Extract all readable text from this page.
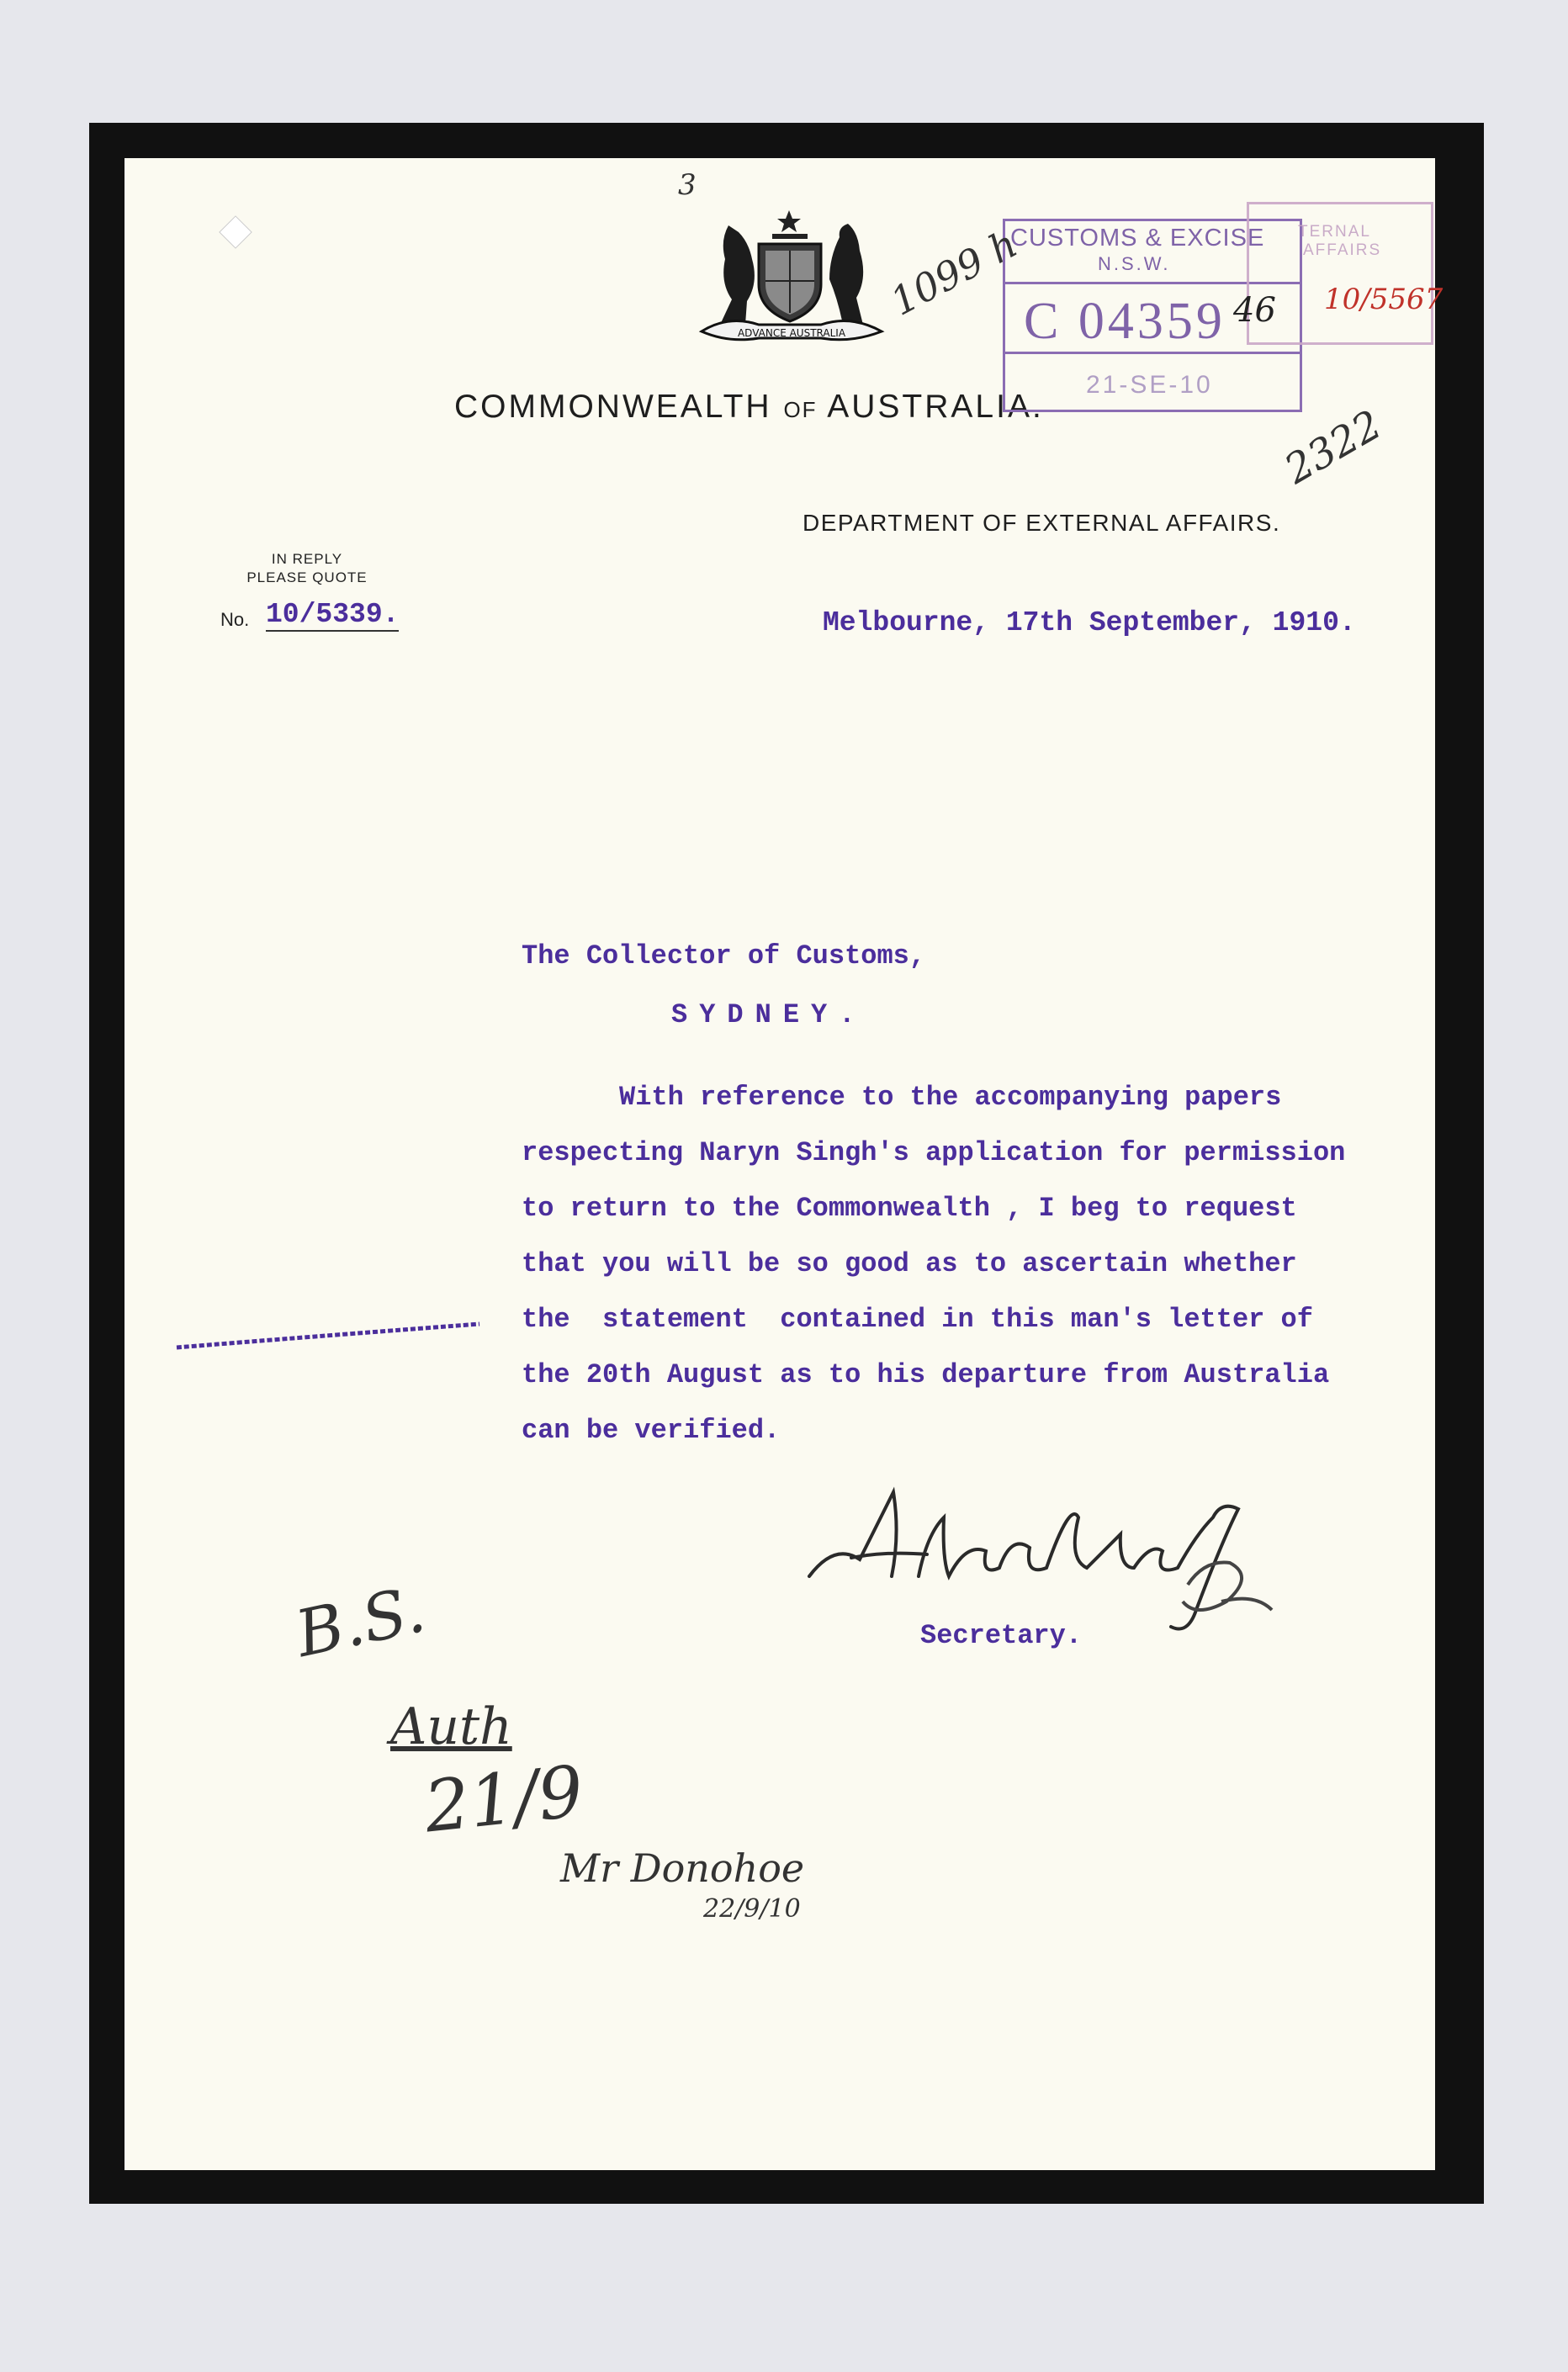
ADVANCE AUSTRALIA
COMMONWEALTH OF AUSTRALIA.
DEPARTMENT OF EXTERNAL AFFAIRS.
IN REPLY
PLEASE QUOTE
No. 10/5339.	Melbourne, 17th September, 1910.
The Collector of Customs,
SYDNEY.
With reference to the accompanying papers
respecting Naryn Singh's application for permission
to return to the Commonwealth , I beg to request
that you will be so good as to ascertain whether
the  statement  contained in this man's letter of
the 20th August as to his departure from Australia
can be verified.
Secretary.
CUSTOMS & EXCISE
N.S.W.
C 04359
21-SE-10
TERNAL
AFFAIRS
3
1099 h
2322
46 10/5567
B.S.
Auth
21/9
Mr Donohoe
22/9/10
